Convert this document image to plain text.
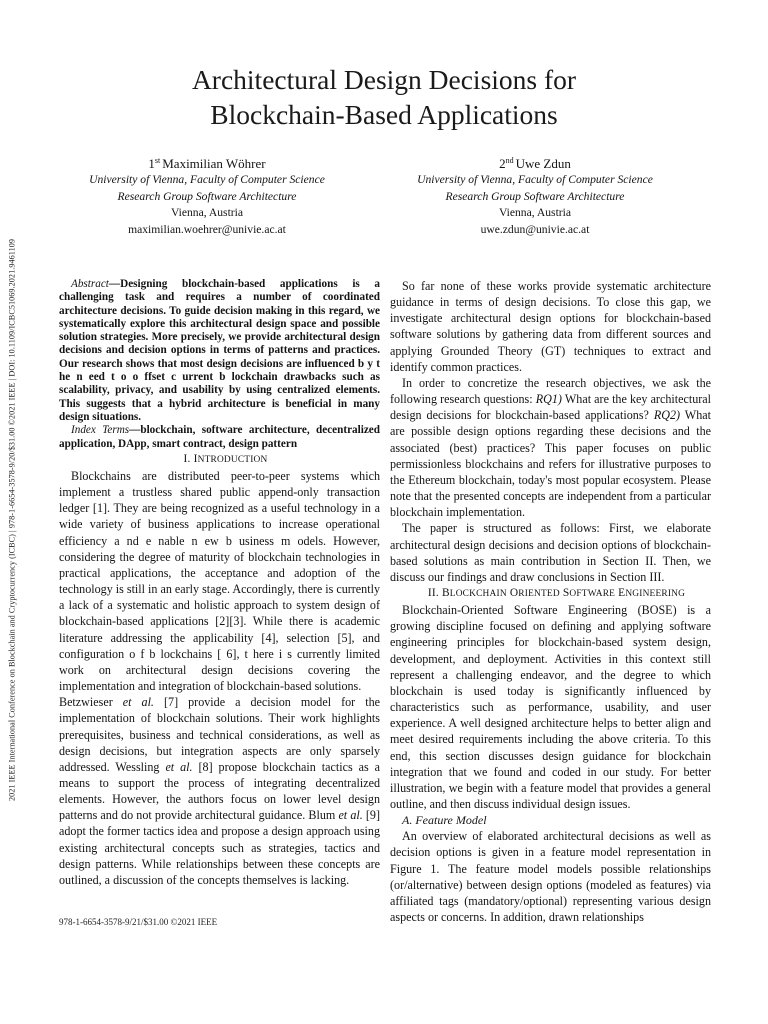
2021 IEEE International Conference on Blockchain and Cryptocurrency (ICBC) | 978-1-6654-3578-9/20/$31.00 ©2021 IEEE | DOI: 10.1109/ICBC51069.2021.9461109
Architectural Design Decisions for
Blockchain-Based Applications
1st Maximilian Wöhrer
University of Vienna, Faculty of Computer Science
Research Group Software Architecture
Vienna, Austria
maximilian.woehrer@univie.ac.at
2nd Uwe Zdun
University of Vienna, Faculty of Computer Science
Research Group Software Architecture
Vienna, Austria
uwe.zdun@univie.ac.at

Abstract—Designing blockchain-based applications is a challenging task and requires a number of coordinated architecture decisions. To guide decision making in this regard, we systematically explore this architectural design space and possible solution strategies. More precisely, we provide architectural design decisions and decision options in terms of patterns and practices. Our research shows that most design decisions are influenced b y t he n eed t o o ffset c urrent b lockchain drawbacks such as scalability, privacy, and usability by using centralized elements. This suggests that a hybrid architecture is beneficial in many design situations.

Index Terms—blockchain, software architecture, decentralized application, DApp, smart contract, design pattern

I. INTRODUCTION

Blockchains are distributed peer-to-peer systems which implement a trustless shared public append-only transaction ledger [1]. They are being recognized as a useful technology in a wide variety of business applications to increase operational efficiency a nd e nable n ew b usiness m odels. However, considering the degree of maturity of blockchain technologies in practical applications, the acceptance and adoption of the technology is still in an early stage. Accordingly, there is currently a lack of a systematic and holistic approach to system design of blockchain-based applications [2][3]. While there is academic literature addressing the applicability [4], selection [5], and configuration o f b lockchains [ 6], t here i s currently limited work on architectural design decisions covering the implementation and integration of blockchain-based solutions.

Betzwieser et al. [7] provide a decision model for the implementation of blockchain solutions. Their work highlights prerequisites, business and technical considerations, as well as design decisions, but integration aspects are only sparsely addressed. Wessling et al. [8] propose blockchain tactics as a means to support the process of integrating decentralized elements. However, the authors focus on lower level design patterns and do not provide architectural guidance. Blum et al. [9] adopt the former tactics idea and propose a design approach using existing architectural concepts such as strategies, tactics and design patterns. While relationships between these concepts are outlined, a discussion of the concepts themselves is lacking.

978-1-6654-3578-9/21/$31.00 ©2021 IEEE

So far none of these works provide systematic architecture guidance in terms of design decisions. To close this gap, we investigate architectural design options for blockchain-based software solutions by gathering data from different sources and applying Grounded Theory (GT) techniques to extract and identify common practices.

In order to concretize the research objectives, we ask the following research questions: RQ1) What are the key architectural design decisions for blockchain-based applications? RQ2) What are possible design options regarding these decisions and the associated (best) practices? This paper focuses on public permissionless blockchains and refers for illustrative purposes to the Ethereum blockchain, today's most popular ecosystem. Please note that the presented concepts are independent from a particular blockchain implementation.

The paper is structured as follows: First, we elaborate architectural design decisions and decision options of blockchain-based solutions as main contribution in Section II. Then, we discuss our findings and draw conclusions in Section III.

II. BLOCKCHAIN ORIENTED SOFTWARE ENGINEERING

Blockchain-Oriented Software Engineering (BOSE) is a growing discipline focused on defining and applying software engineering principles for blockchain-based system design, development, and deployment. Activities in this context still represent a challenging endeavor, and the degree to which blockchain is used today is significantly influenced by characteristics such as performance, usability, and user experience. A well designed architecture helps to better align and meet desired requirements including the above criteria. To this end, this section discusses design guidance for blockchain integration that we found and coded in our study. For better illustration, we begin with a feature model that provides a general outline, and then discuss individual design issues.

A. Feature Model

An overview of elaborated architectural decisions as well as decision options is given in a feature model representation in Figure 1. The feature model models possible relationships (or/alternative) between design options (modeled as features) via affiliated tags (mandatory/optional) representing various design aspects or concerns. In addition, drawn relationships
